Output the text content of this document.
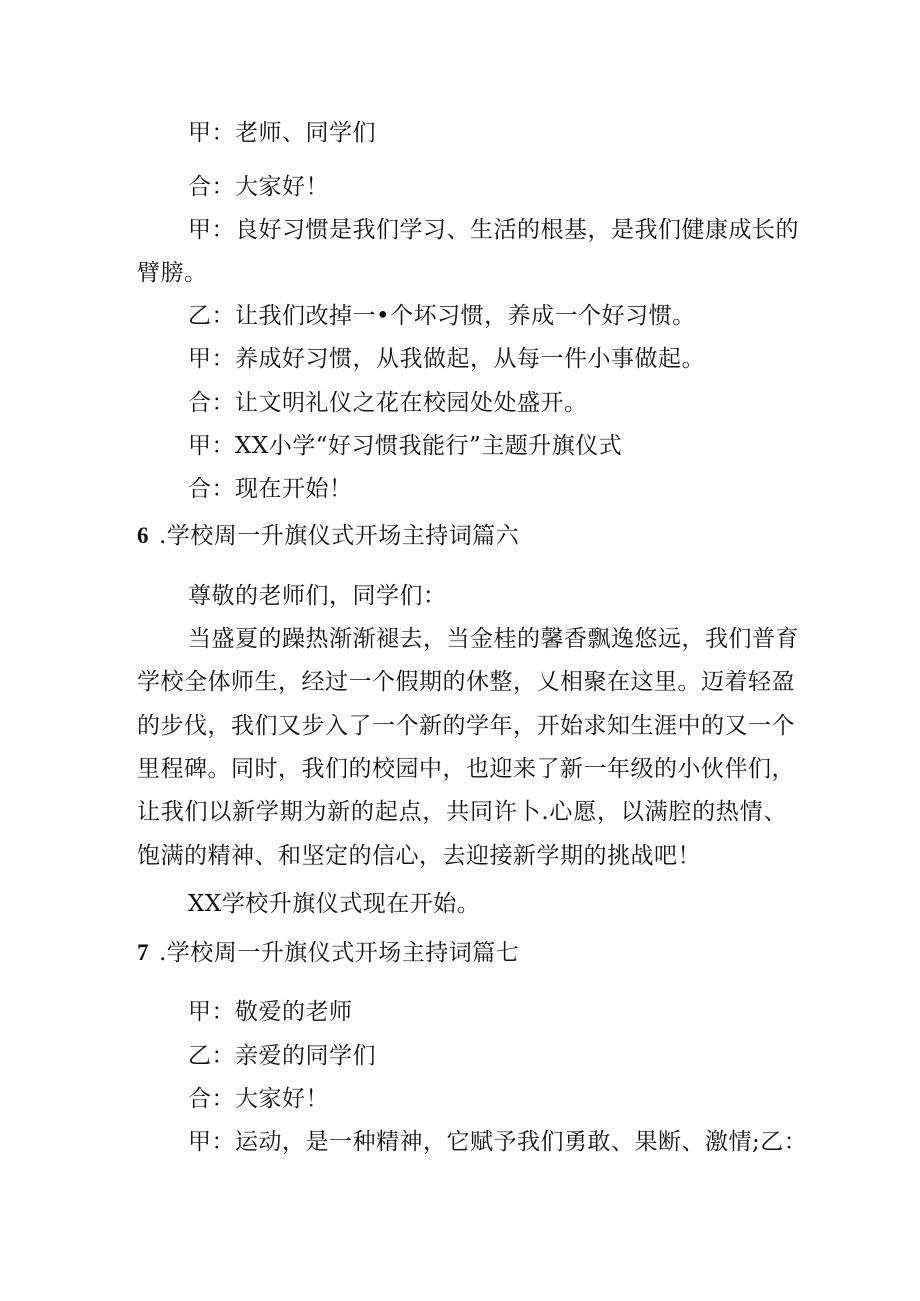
甲：老师、同学们
合：大家好！
甲：良好习惯是我们学习、生活的根基，是我们健康成长的
臂膀。
乙：让我们改掉一•个坏习惯，养成一个好习惯。
甲：养成好习惯，从我做起，从每一件小事做起。
合：让文明礼仪之花在校园处处盛开。
甲：XX小学“好习惯我能行”主题升旗仪式
合：现在开始！
6 .学校周一升旗仪式开场主持词篇六
尊敬的老师们，同学们：
当盛夏的躁热渐渐褪去，当金桂的馨香飘逸悠远，我们普育
学校全体师生，经过一个假期的休整，乂相聚在这里。迈着轻盈
的步伐，我们又步入了一个新的学年，开始求知生涯中的又一个
里程碑。同时，我们的校园中，也迎来了新一年级的小伙伴们，
让我们以新学期为新的起点，共同许卜.心愿，以满腔的热情、
饱满的精神、和坚定的信心，去迎接新学期的挑战吧！
XX学校升旗仪式现在开始。
7 .学校周一升旗仪式开场主持词篇七
甲：敬爱的老师
乙：亲爱的同学们
合：大家好！
甲：运动，是一种精神，它赋予我们勇敢、果断、激情;乙：
